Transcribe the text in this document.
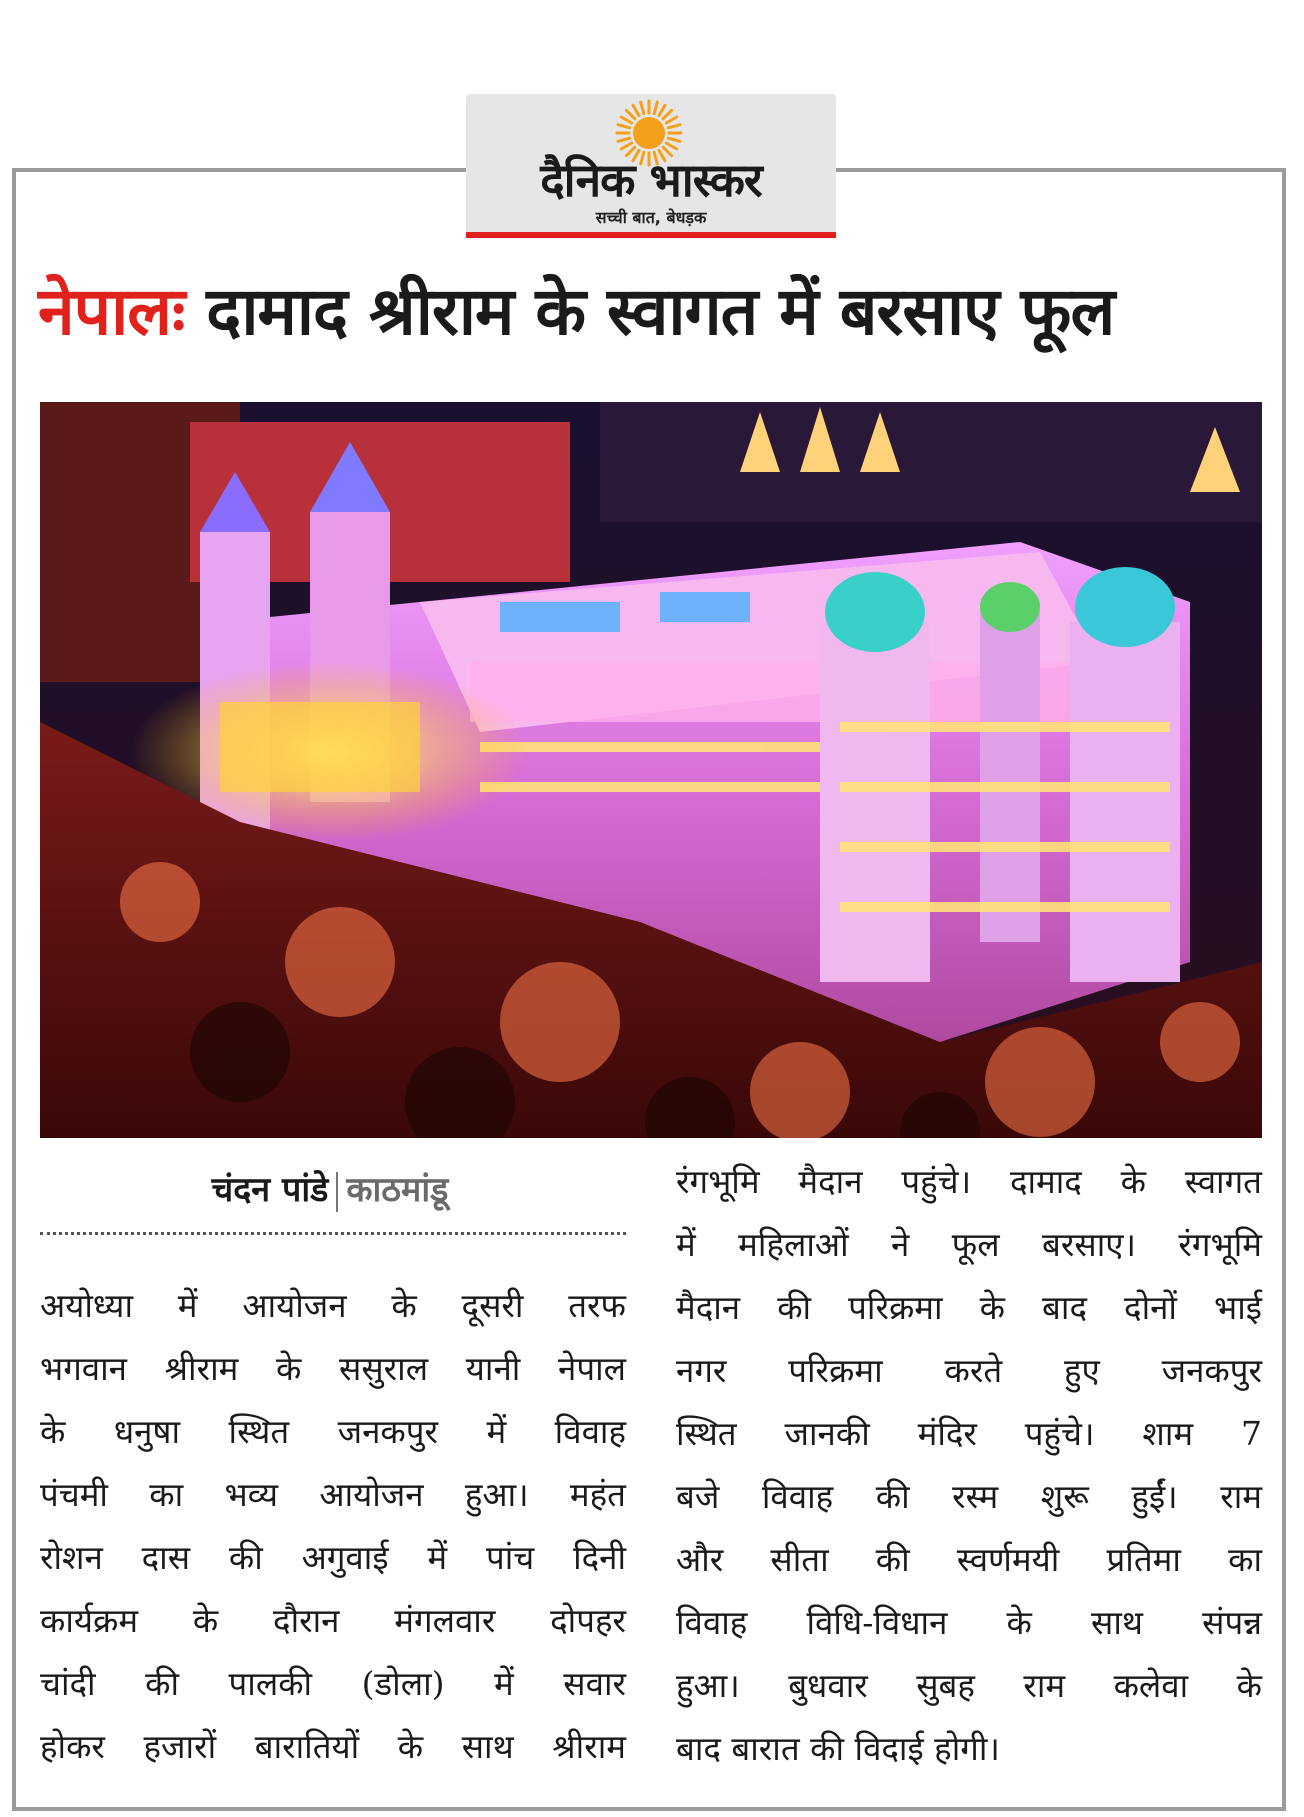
दैनिक भास्कर
सच्ची बात, बेधड़क
नेपालः दामाद श्रीराम के स्वागत में बरसाए फूल
चंदन पांडे काठमांडू
अयोध्या में आयोजन के दूसरी तरफ
भगवान श्रीराम के ससुराल यानी नेपाल
के धनुषा स्थित जनकपुर में विवाह
पंचमी का भव्य आयोजन हुआ। महंत
रोशन दास की अगुवाई में पांच दिनी
कार्यक्रम के दौरान मंगलवार दोपहर
चांदी की पालकी (डोला) में सवार
होकर हजारों बारातियों के साथ श्रीराम
रंगभूमि मैदान पहुंचे। दामाद के स्वागत
में महिलाओं ने फूल बरसाए। रंगभूमि
मैदान की परिक्रमा के बाद दोनों भाई
नगर परिक्रमा करते हुए जनकपुर
स्थित जानकी मंदिर पहुंचे। शाम 7
बजे विवाह की रस्म शुरू हुईं। राम
और सीता की स्वर्णमयी प्रतिमा का
विवाह विधि-विधान के साथ संपन्न
हुआ। बुधवार सुबह राम कलेवा के
बाद बारात की विदाई होगी।
